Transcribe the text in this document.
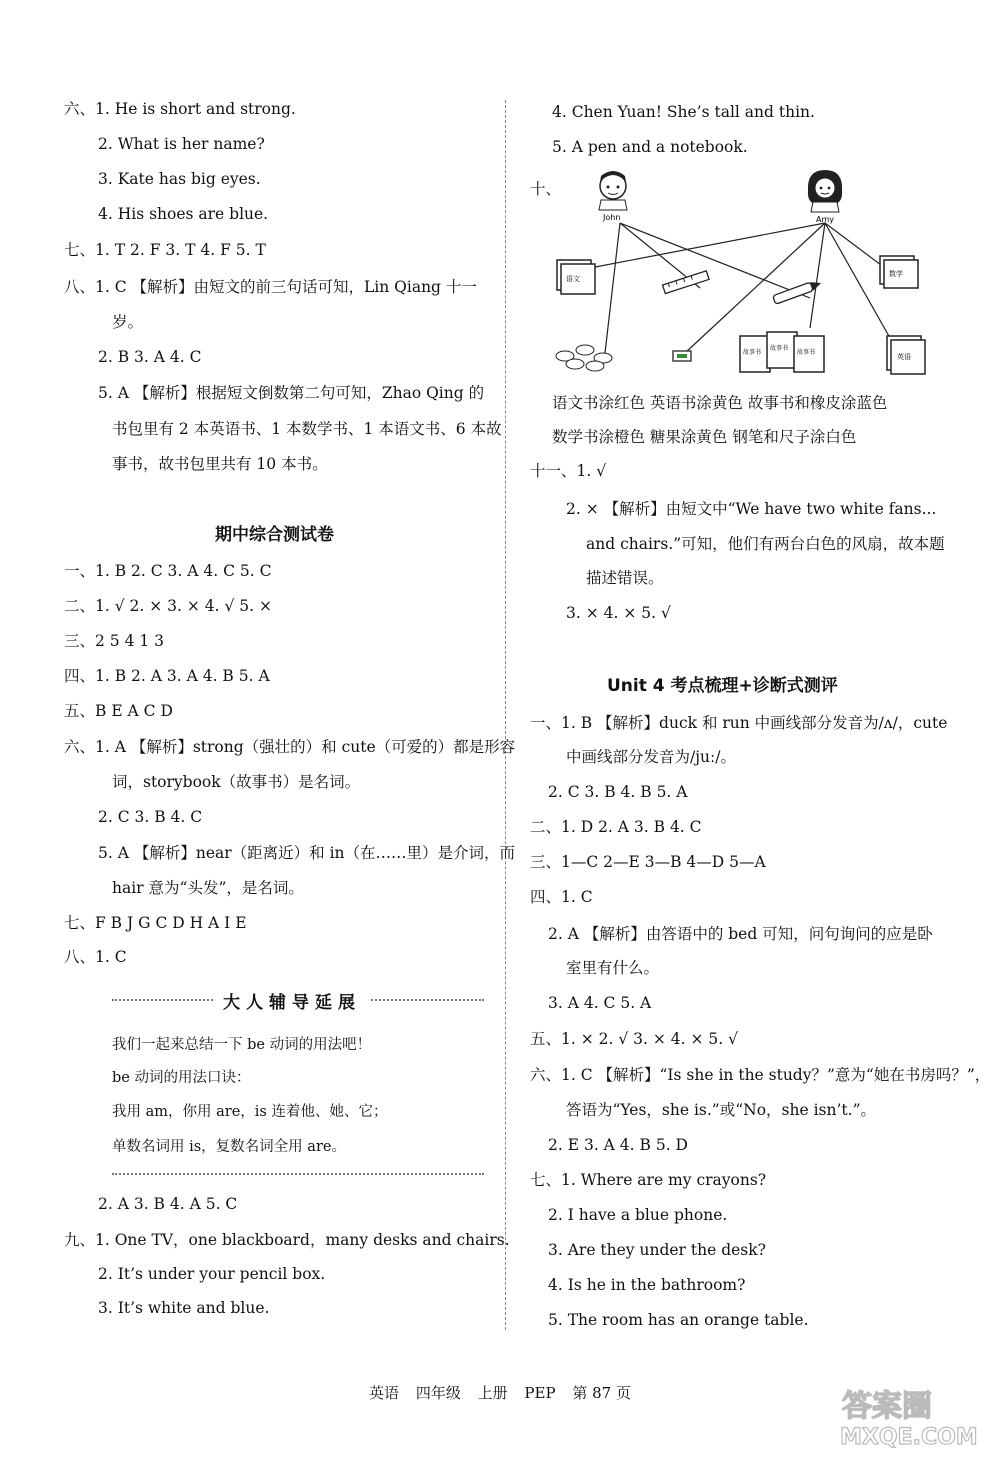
六、1. He is short and strong.
2. What is her name?
3. Kate has big eyes.
4. His shoes are blue.
七、1. T 2. F 3. T 4. F 5. T
八、1. C 【解析】由短文的前三句话可知，Lin Qiang 十一
岁。
2. B 3. A 4. C
5. A 【解析】根据短文倒数第二句可知，Zhao Qing 的
书包里有 2 本英语书、1 本数学书、1 本语文书、6 本故
事书，故书包里共有 10 本书。
期中综合测试卷
一、1. B 2. C 3. A 4. C 5. C
二、1. √ 2. × 3. × 4. √ 5. ×
三、2 5 4 1 3
四、1. B 2. A 3. A 4. B 5. A
五、B E A C D
六、1. A 【解析】strong（强壮的）和 cute（可爱的）都是形容
词，storybook（故事书）是名词。
2. C 3. B 4. C
5. A 【解析】near（距离近）和 in（在……里）是介词，而
hair 意为“头发”，是名词。
七、F B J G C D H A I E
八、1. C
大人辅导延展
我们一起来总结一下 be 动词的用法吧！
be 动词的用法口诀：
我用 am，你用 are，is 连着他、她、它；
单数名词用 is，复数名词全用 are。
2. A 3. B 4. A 5. C
九、1. One TV，one blackboard，many desks and chairs.
2. It’s under your pencil box.
3. It’s white and blue.
4. Chen Yuan! She’s tall and thin.
5. A pen and a notebook.
十、
John	Amy
语文
数学
故事书
故事书
故事书
英语
语文书涂红色 英语书涂黄色 故事书和橡皮涂蓝色
数学书涂橙色 糖果涂黄色 钢笔和尺子涂白色
十一、1. √
2. × 【解析】由短文中“We have two white fans...
and chairs.”可知，他们有两台白色的风扇，故本题
描述错误。
3. × 4. × 5. √
Unit 4 考点梳理+诊断式测评
一、1. B 【解析】duck 和 run 中画线部分发音为/ʌ/，cute
中画线部分发音为/juː/。
2. C 3. B 4. B 5. A
二、1. D 2. A 3. B 4. C
三、1—C 2—E 3—B 4—D 5—A
四、1. C
2. A 【解析】由答语中的 bed 可知，问句询问的应是卧
室里有什么。
3. A 4. C 5. A
五、1. × 2. √ 3. × 4. × 5. √
六、1. C 【解析】“Is she in the study？”意为“她在书房吗？”，
答语为“Yes，she is.”或“No，she isn’t.”。
2. E 3. A 4. B 5. D
七、1. Where are my crayons?
2. I have a blue phone.
3. Are they under the desk?
4. Is he in the bathroom?
5. The room has an orange table.
英语 四年级 上册 PEP 第 87 页	答案圈
MXQE.COM
